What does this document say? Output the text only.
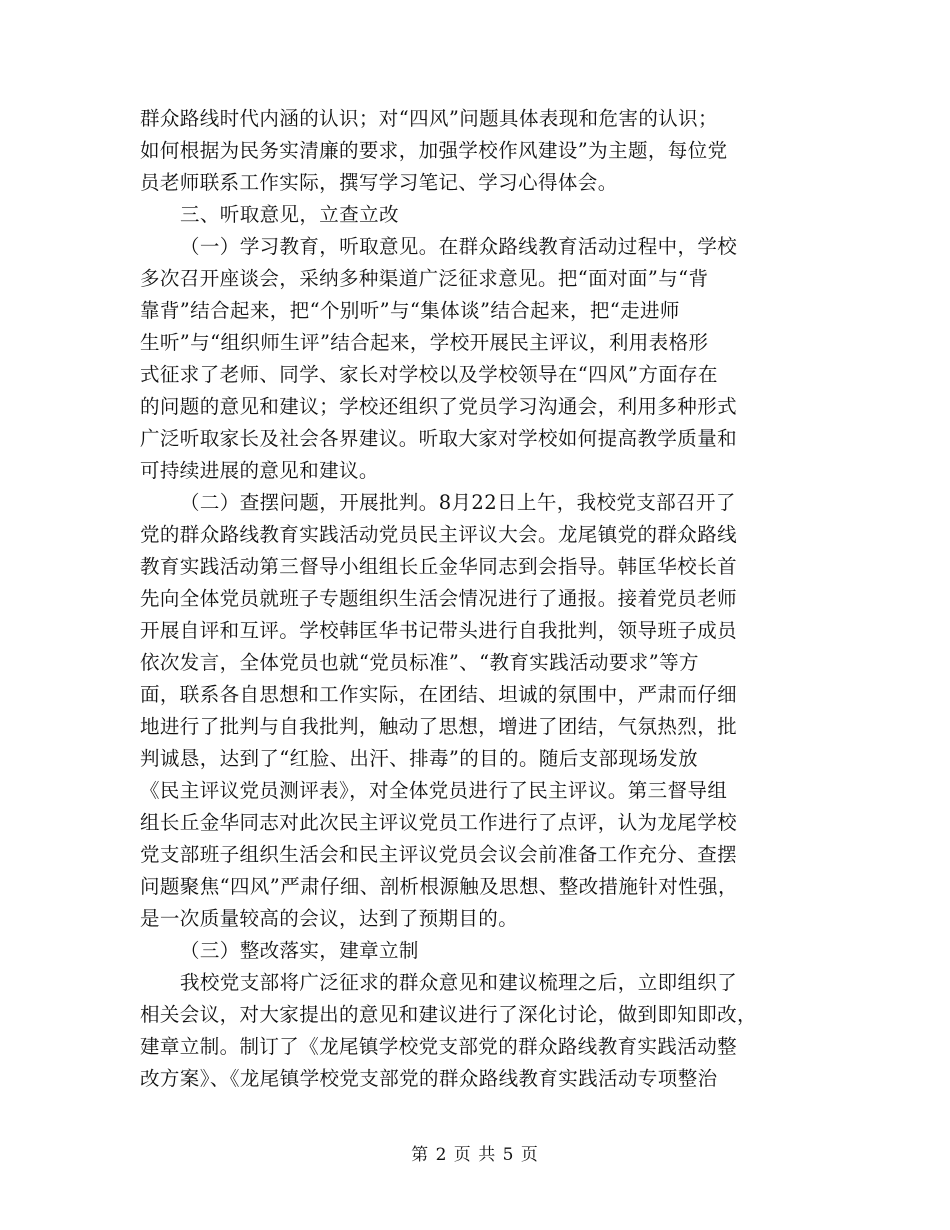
群众路线时代内涵的认识；对“四风”问题具体表现和危害的认识；
如何根据为民务实清廉的要求，加强学校作风建设”为主题，每位党
员老师联系工作实际，撰写学习笔记、学习心得体会。
三、听取意见，立查立改
（一）学习教育，听取意见。在群众路线教育活动过程中，学校
多次召开座谈会，采纳多种渠道广泛征求意见。把“面对面”与“背
靠背”结合起来，把“个别听”与“集体谈”结合起来，把“走进师
生听”与“组织师生评”结合起来，学校开展民主评议，利用表格形
式征求了老师、同学、家长对学校以及学校领导在“四风”方面存在
的问题的意见和建议；学校还组织了党员学习沟通会，利用多种形式
广泛听取家长及社会各界建议。听取大家对学校如何提高教学质量和
可持续进展的意见和建议。
（二）查摆问题，开展批判。8月22日上午，我校党支部召开了
党的群众路线教育实践活动党员民主评议大会。龙尾镇党的群众路线
教育实践活动第三督导小组组长丘金华同志到会指导。韩匡华校长首
先向全体党员就班子专题组织生活会情况进行了通报。接着党员老师
开展自评和互评。学校韩匡华书记带头进行自我批判，领导班子成员
依次发言，全体党员也就“党员标准”、“教育实践活动要求”等方
面，联系各自思想和工作实际，在团结、坦诚的氛围中，严肃而仔细
地进行了批判与自我批判，触动了思想，增进了团结，气氛热烈，批
判诚恳，达到了“红脸、出汗、排毒”的目的。随后支部现场发放
《民主评议党员测评表》，对全体党员进行了民主评议。第三督导组
组长丘金华同志对此次民主评议党员工作进行了点评，认为龙尾学校
党支部班子组织生活会和民主评议党员会议会前准备工作充分、查摆
问题聚焦“四风”严肃仔细、剖析根源触及思想、整改措施针对性强，
是一次质量较高的会议，达到了预期目的。
（三）整改落实，建章立制
我校党支部将广泛征求的群众意见和建议梳理之后，立即组织了
相关会议，对大家提出的意见和建议进行了深化讨论，做到即知即改，
建章立制。制订了《龙尾镇学校党支部党的群众路线教育实践活动整
改方案》、《龙尾镇学校党支部党的群众路线教育实践活动专项整治
第 2 页 共 5 页
